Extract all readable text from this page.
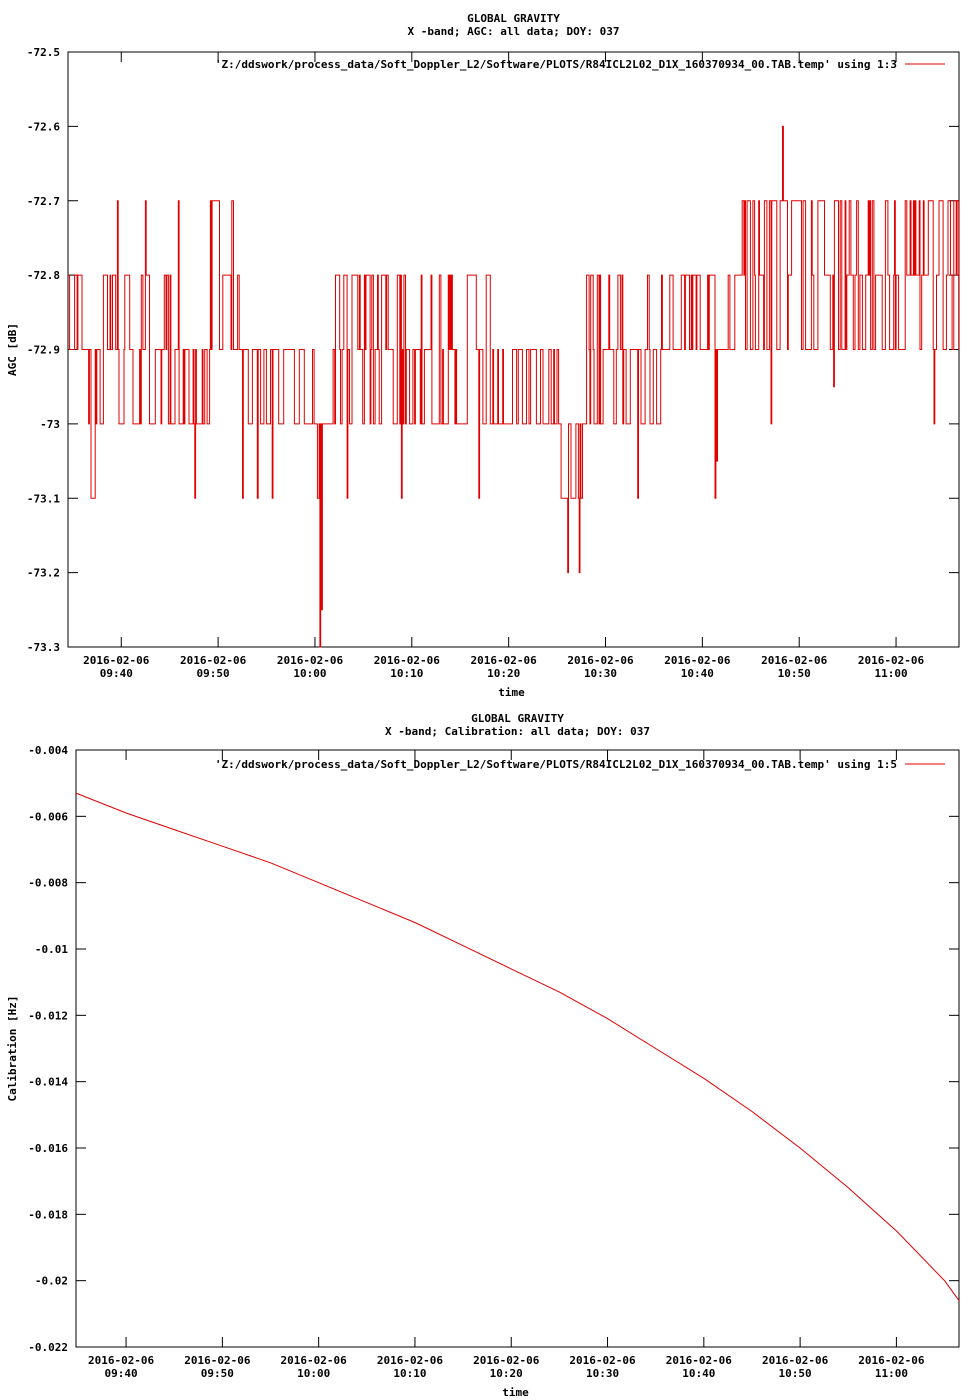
GLOBAL GRAVITY
X -band; AGC: all data; DOY: 037
-72.5
-72.6
-72.7
-72.8
-72.9
-73
-73.1
-73.2
-73.3
2016-02-06
09:40
2016-02-06
09:50
2016-02-06
10:00
2016-02-06
10:10
2016-02-06
10:20
2016-02-06
10:30
2016-02-06
10:40
2016-02-06
10:50
2016-02-06
11:00
time
AGC [dB]
'Z:/ddswork/process_data/Soft_Doppler_L2/Software/PLOTS/R84ICL2L02_D1X_160370934_00.TAB.temp' using 1:3
GLOBAL GRAVITY
X -band; Calibration: all data; DOY: 037
-0.004
-0.006
-0.008
-0.01
-0.012
-0.014
-0.016
-0.018
-0.02
-0.022
2016-02-06
09:40
2016-02-06
09:50
2016-02-06
10:00
2016-02-06
10:10
2016-02-06
10:20
2016-02-06
10:30
2016-02-06
10:40
2016-02-06
10:50
2016-02-06
11:00
time
Calibration [Hz]
'Z:/ddswork/process_data/Soft_Doppler_L2/Software/PLOTS/R84ICL2L02_D1X_160370934_00.TAB.temp' using 1:5
